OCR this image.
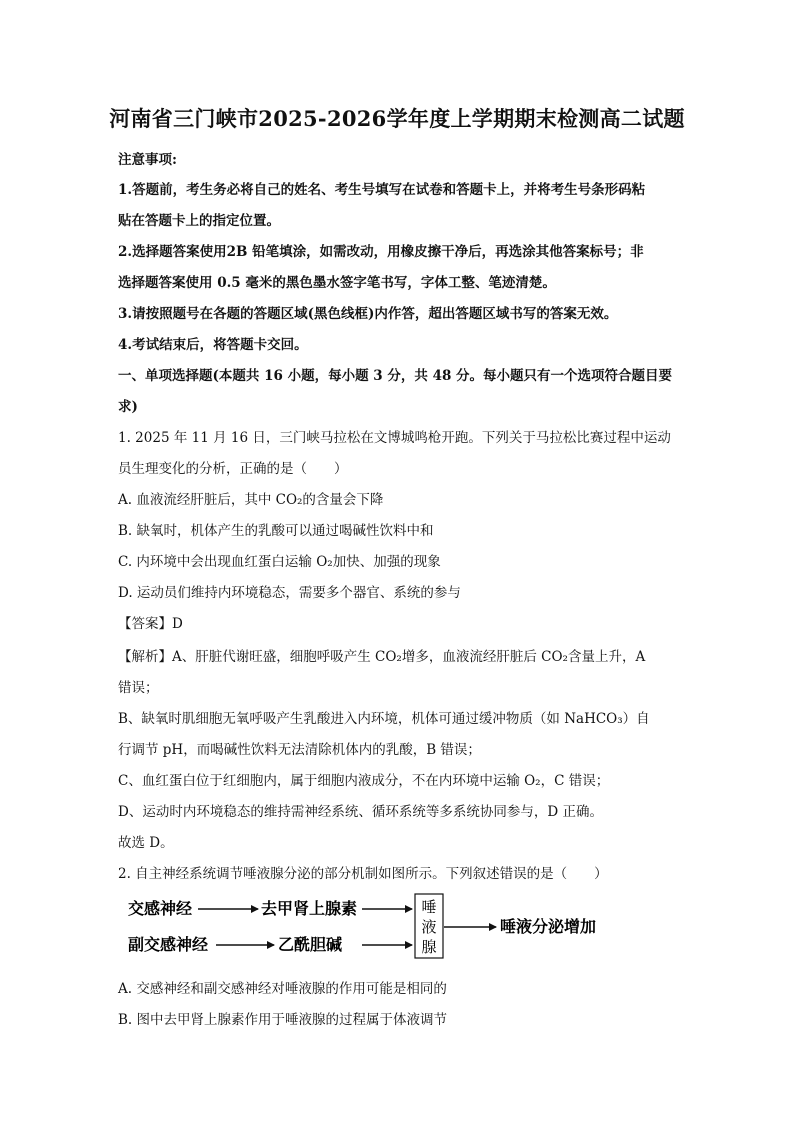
河南省三门峡市2025-2026学年度上学期期末检测高二试题
注意事项:
1.答题前，考生务必将自己的姓名、考生号填写在试卷和答题卡上，并将考生号条形码粘
贴在答题卡上的指定位置。
2.选择题答案使用2B 铅笔填涂，如需改动，用橡皮擦干净后，再选涂其他答案标号；非
选择题答案使用 0.5 毫米的黑色墨水签字笔书写，字体工整、笔迹清楚。
3.请按照题号在各题的答题区域(黑色线框)内作答，超出答题区域书写的答案无效。
4.考试结束后，将答题卡交回。
一、单项选择题(本题共 16 小题，每小题 3 分，共 48 分。每小题只有一个选项符合题目要
求)
1. 2025 年 11 月 16 日，三门峡马拉松在文博城鸣枪开跑。下列关于马拉松比赛过程中运动
员生理变化的分析，正确的是（　　）
A. 血液流经肝脏后，其中 CO₂的含量会下降
B. 缺氧时，机体产生的乳酸可以通过喝碱性饮料中和
C. 内环境中会出现血红蛋白运输 O₂加快、加强的现象
D. 运动员们维持内环境稳态，需要多个器官、系统的参与
【答案】D
【解析】A、肝脏代谢旺盛，细胞呼吸产生 CO₂增多，血液流经肝脏后 CO₂含量上升，A
错误；
B、缺氧时肌细胞无氧呼吸产生乳酸进入内环境，机体可通过缓冲物质（如 NaHCO₃）自
行调节 pH，而喝碱性饮料无法清除机体内的乳酸，B 错误；
C、血红蛋白位于红细胞内，属于细胞内液成分，不在内环境中运输 O₂，C 错误；
D、运动时内环境稳态的维持需神经系统、循环系统等多系统协同参与，D 正确。
故选 D。
2. 自主神经系统调节唾液腺分泌的部分机制如图所示。下列叙述错误的是（　　）
交感神经	去甲肾上腺素
副交感神经	乙酰胆碱
唾
液
腺
唾液分泌增加
A. 交感神经和副交感神经对唾液腺的作用可能是相同的
B. 图中去甲肾上腺素作用于唾液腺的过程属于体液调节
